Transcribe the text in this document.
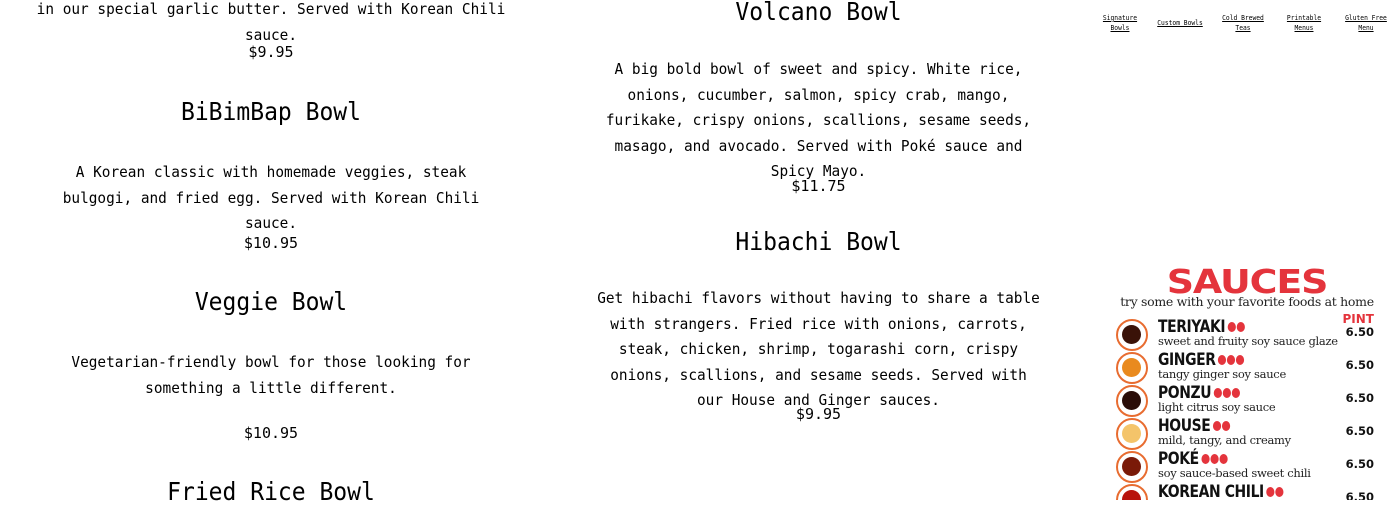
in our special garlic butter. Served with Korean Chili sauce.
$9.95
BiBimBap Bowl
A Korean classic with homemade veggies, steak bulgogi, and fried egg. Served with Korean Chili sauce.
$10.95
Veggie Bowl
Vegetarian-friendly bowl for those looking for something a little different.
$10.95
Fried Rice Bowl
Volcano Bowl
A big bold bowl of sweet and spicy. White rice, onions, cucumber, salmon, spicy crab, mango, furikake, crispy onions, scallions, sesame seeds, masago, and avocado. Served with Poké sauce and Spicy Mayo.
$11.75
Hibachi Bowl
Get hibachi flavors without having to share a table with strangers. Fried rice with onions, carrots, steak, chicken, shrimp, togarashi corn, crispy onions, scallions, and sesame seeds. Served with our House and Ginger sauces.
$9.95
Signature
Bowls
Custom Bowls
Cold Brewed
Teas
Printable
Menus
Gluten Free
Menu
SAUCES
try some with your favorite foods at home
PINT
TERIYAKI
sweet and fruity soy sauce glaze
6.50
GINGER
tangy ginger soy sauce
6.50
PONZU
light citrus soy sauce
6.50
HOUSE
mild, tangy, and creamy
6.50
POKÉ
soy sauce-based sweet chili
6.50
KOREAN CHILI	6.50
